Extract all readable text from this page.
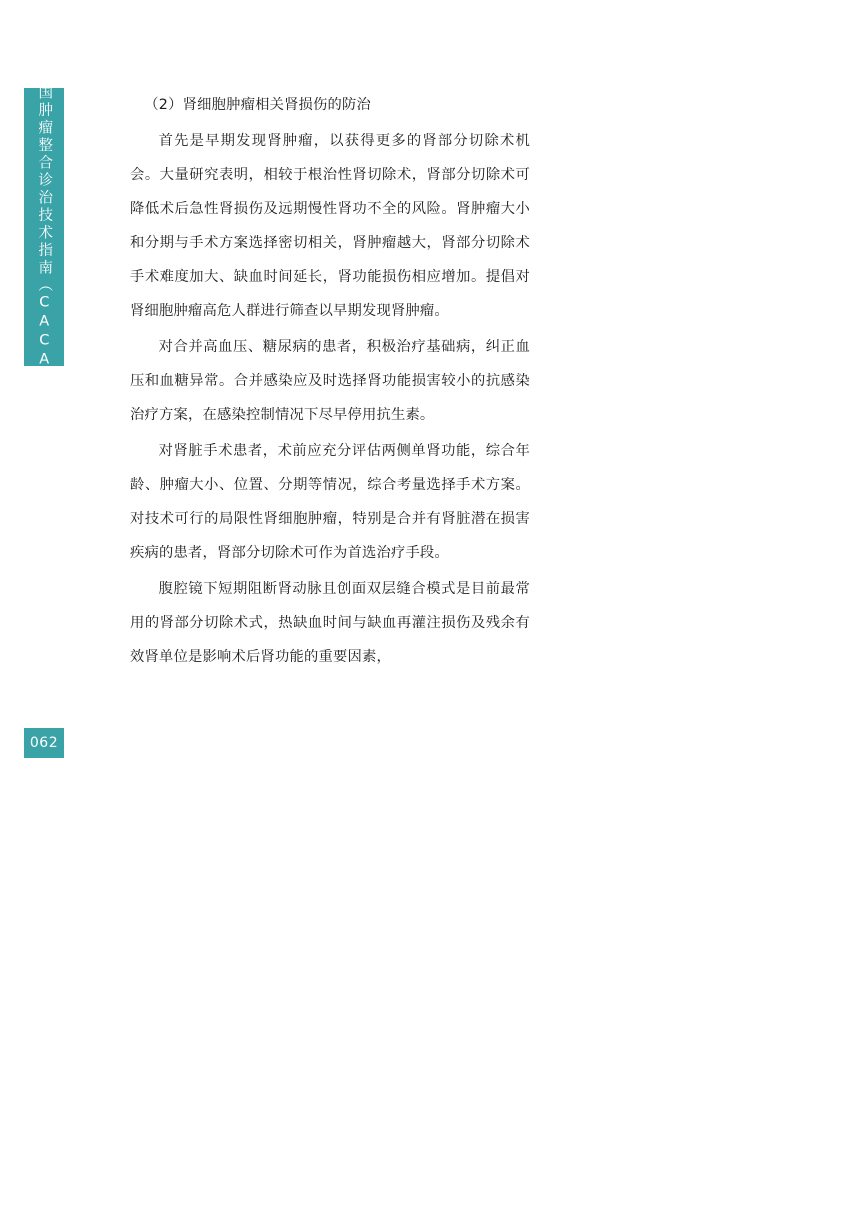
中国肿瘤整合诊治技术指南（CACA）
062

（2）肾细胞肿瘤相关肾损伤的防治

首先是早期发现肾肿瘤，以获得更多的肾部分切除术机会。大量研究表明，相较于根治性肾切除术，肾部分切除术可降低术后急性肾损伤及远期慢性肾功不全的风险。肾肿瘤大小和分期与手术方案选择密切相关，肾肿瘤越大，肾部分切除术手术难度加大、缺血时间延长，肾功能损伤相应增加。提倡对肾细胞肿瘤高危人群进行筛查以早期发现肾肿瘤。

对合并高血压、糖尿病的患者，积极治疗基础病，纠正血压和血糖异常。合并感染应及时选择肾功能损害较小的抗感染治疗方案，在感染控制情况下尽早停用抗生素。

对肾脏手术患者，术前应充分评估两侧单肾功能，综合年龄、肿瘤大小、位置、分期等情况，综合考量选择手术方案。对技术可行的局限性肾细胞肿瘤，特别是合并有肾脏潜在损害疾病的患者，肾部分切除术可作为首选治疗手段。

腹腔镜下短期阻断肾动脉且创面双层缝合模式是目前最常用的肾部分切除术式，热缺血时间与缺血再灌注损伤及残余有效肾单位是影响术后肾功能的重要因素，
